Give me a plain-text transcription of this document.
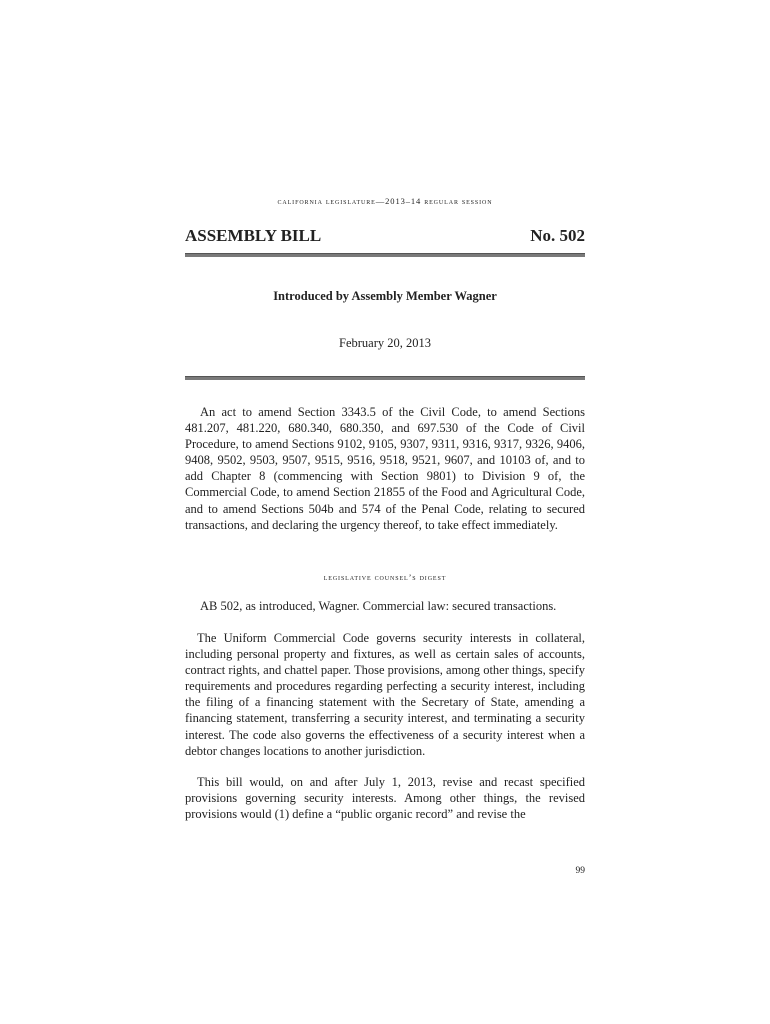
california legislature—2013–14 regular session
ASSEMBLY BILL	No. 502
Introduced by Assembly Member Wagner
February 20, 2013

An act to amend Section 3343.5 of the Civil Code, to amend Sections 481.207, 481.220, 680.340, 680.350, and 697.530 of the Code of Civil Procedure, to amend Sections 9102, 9105, 9307, 9311, 9316, 9317, 9326, 9406, 9408, 9502, 9503, 9507, 9515, 9516, 9518, 9521, 9607, and 10103 of, and to add Chapter 8 (commencing with Section 9801) to Division 9 of, the Commercial Code, to amend Section 21855 of the Food and Agricultural Code, and to amend Sections 504b and 574 of the Penal Code, relating to secured transactions, and declaring the urgency thereof, to take effect immediately.

legislative counsel’s digest

AB 502, as introduced, Wagner. Commercial law: secured transactions.

The Uniform Commercial Code governs security interests in collateral, including personal property and fixtures, as well as certain sales of accounts, contract rights, and chattel paper. Those provisions, among other things, specify requirements and procedures regarding perfecting a security interest, including the filing of a financing statement with the Secretary of State, amending a financing statement, transferring a security interest, and terminating a security interest. The code also governs the effectiveness of a security interest when a debtor changes locations to another jurisdiction.

This bill would, on and after July 1, 2013, revise and recast specified provisions governing security interests. Among other things, the revised provisions would (1) define a “public organic record” and revise the

99
